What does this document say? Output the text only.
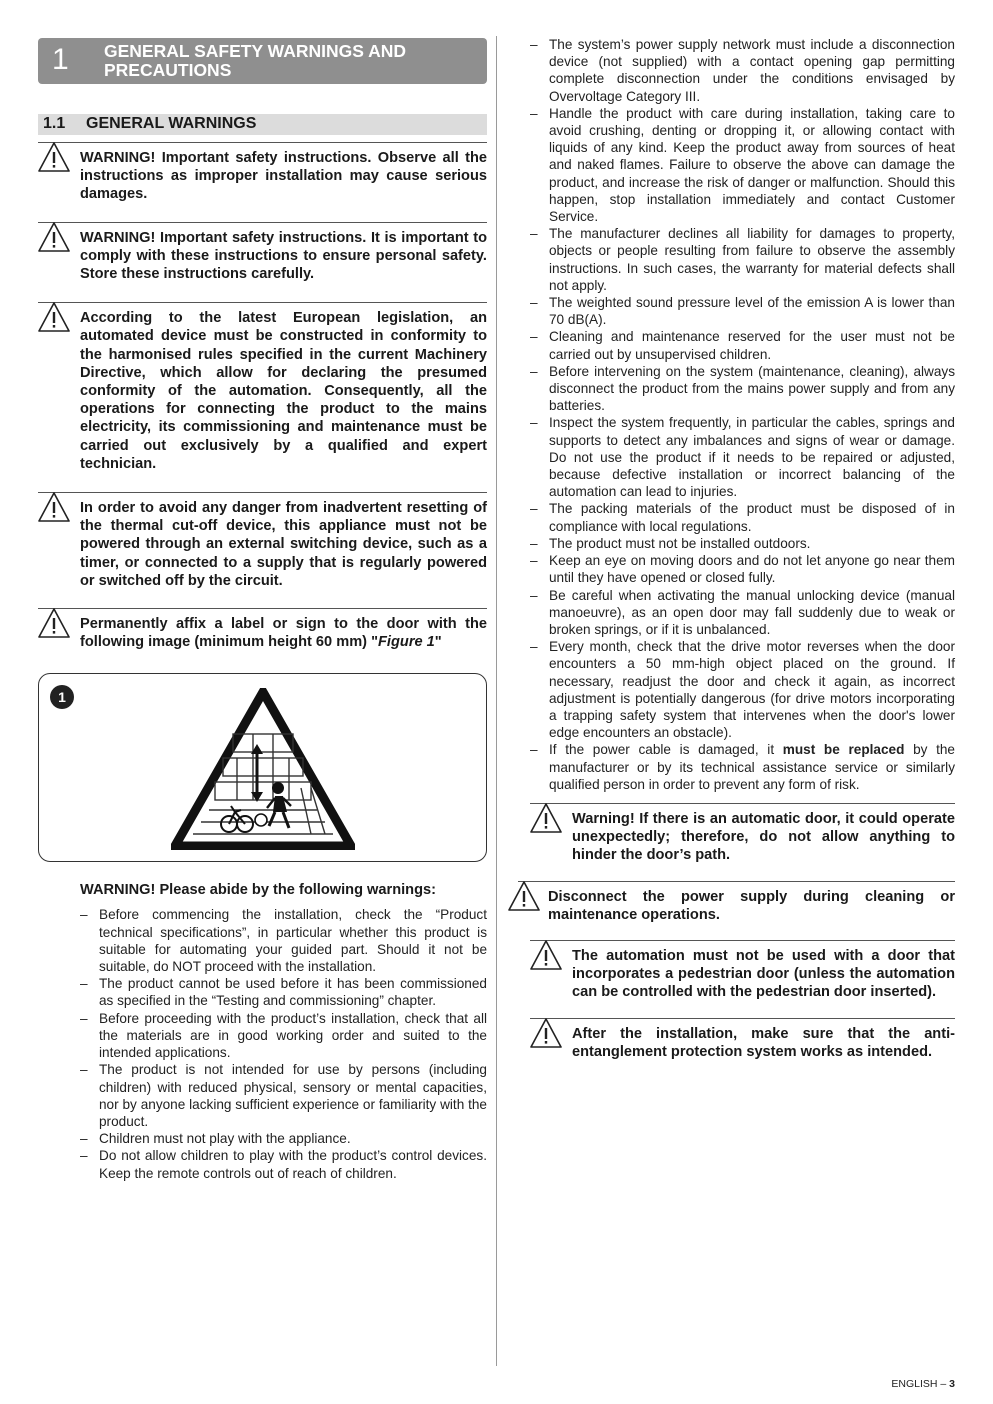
1 GENERAL SAFETY WARNINGS AND PRECAUTIONS
1.1 GENERAL WARNINGS

WARNING! Important safety instructions. Observe all the instructions as improper installation may cause serious damages.

WARNING! Important safety instructions. It is important to comply with these instructions to ensure personal safety. Store these instructions carefully.

According to the latest European legislation, an automated device must be constructed in conformity to the harmonised rules specified in the current Machinery Directive, which allow for declaring the presumed conformity of the automation. Consequently, all the operations for connecting the product to the mains electricity, its commissioning and maintenance must be carried out exclusively by a qualified and expert technician.

In order to avoid any danger from inadvertent resetting of the thermal cut-off device, this appliance must not be powered through an external switching device, such as a timer, or connected to a supply that is regularly powered or switched off by the circuit.

Permanently affix a label or sign to the door with the following image (minimum height 60 mm) "Figure 1"

1
WARNING! Please abide by the following warnings:
– Before commencing the installation, check the “Product technical specifications”, in particular whether this product is suitable for automating your guided part. Should it not be suitable, do NOT proceed with the installation.
– The product cannot be used before it has been commissioned as specified in the “Testing and commissioning” chapter.
– Before proceeding with the product’s installation, check that all the materials are in good working order and suited to the intended applications.
– The product is not intended for use by persons (including children) with reduced physical, sensory or mental capacities, nor by anyone lacking sufficient experience or familiarity with the product.
– Children must not play with the appliance.
– Do not allow children to play with the product’s control devices. Keep the remote controls out of reach of children.
– The system’s power supply network must include a disconnection device (not supplied) with a contact opening gap permitting complete disconnection under the conditions envisaged by Overvoltage Category III.
– Handle the product with care during installation, taking care to avoid crushing, denting or dropping it, or allowing contact with liquids of any kind. Keep the product away from sources of heat and naked flames. Failure to observe the above can damage the product, and increase the risk of danger or malfunction. Should this happen, stop installation immediately and contact Customer Service.
– The manufacturer declines all liability for damages to property, objects or people resulting from failure to observe the assembly instructions. In such cases, the warranty for material defects shall not apply.
– The weighted sound pressure level of the emission A is lower than 70 dB(A).
– Cleaning and maintenance reserved for the user must not be carried out by unsupervised children.
– Before intervening on the system (maintenance, cleaning), always disconnect the product from the mains power supply and from any batteries.
– Inspect the system frequently, in particular the cables, springs and supports to detect any imbalances and signs of wear or damage. Do not use the product if it needs to be repaired or adjusted, because defective installation or incorrect balancing of the automation can lead to injuries.
– The packing materials of the product must be disposed of in compliance with local regulations.
– The product must not be installed outdoors.
– Keep an eye on moving doors and do not let anyone go near them until they have opened or closed fully.
– Be careful when activating the manual unlocking device (manual manoeuvre), as an open door may fall suddenly due to weak or broken springs, or if it is unbalanced.
– Every month, check that the drive motor reverses when the door encounters a 50 mm-high object placed on the ground. If necessary, readjust the door and check it again, as incorrect adjustment is potentially dangerous (for drive motors incorporating a trapping safety system that intervenes when the door's lower edge encounters an obstacle).
– If the power cable is damaged, it must be replaced by the manufacturer or by its technical assistance service or similarly qualified person in order to prevent any form of risk.

Warning! If there is an automatic door, it could operate unexpectedly; therefore, do not allow anything to hinder the door’s path.

Disconnect the power supply during cleaning or maintenance operations.

The automation must not be used with a door that incorporates a pedestrian door (unless the automation can be controlled with the pedestrian door inserted).

After the installation, make sure that the anti-entanglement protection system works as intended.

ENGLISH – 3
